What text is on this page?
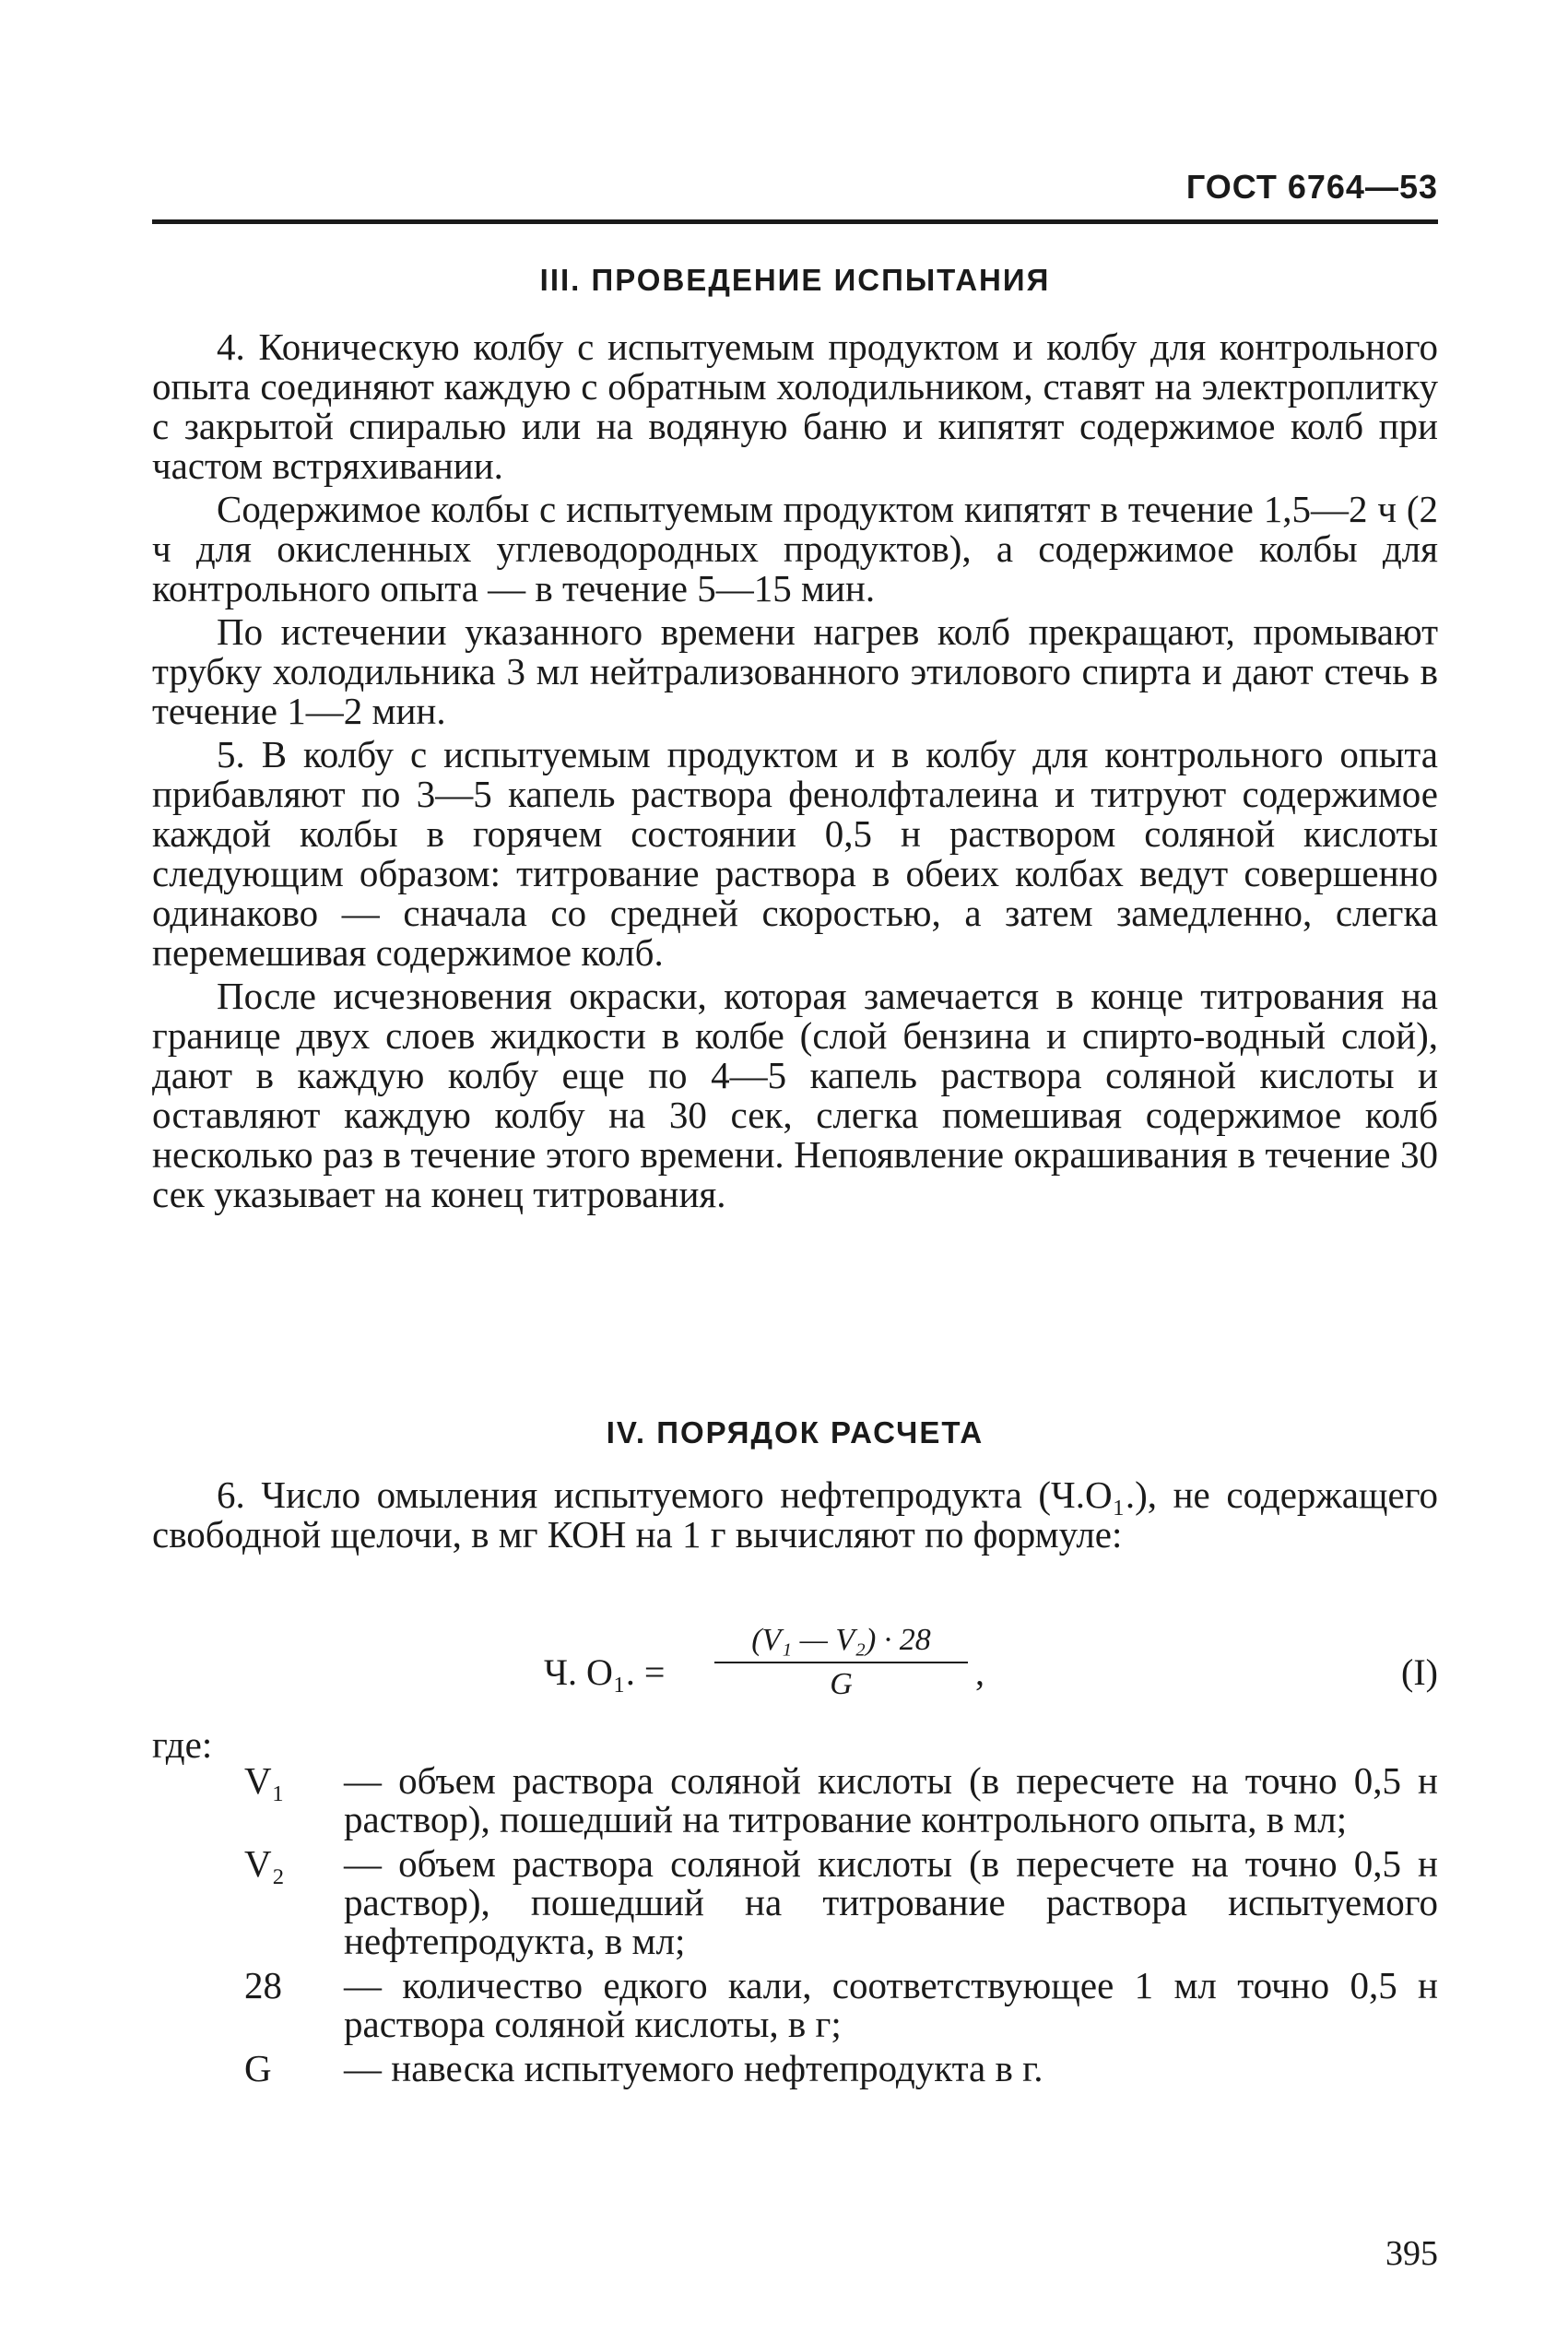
ГОСТ 6764—53
III. ПРОВЕДЕНИЕ ИСПЫТАНИЯ

4. Коническую колбу с испытуемым продуктом и колбу для контрольного опыта соединяют каждую с обратным холодильником, ставят на электроплитку с закрытой спиралью или на водяную баню и кипятят содержимое колб при частом встряхивании.

Содержимое колбы с испытуемым продуктом кипятят в течение 1,5—2 ч (2 ч для окисленных углеводородных продуктов), а содержимое колбы для контрольного опыта — в течение 5—15 мин.

По истечении указанного времени нагрев колб прекращают, промывают трубку холодильника 3 мл нейтрализованного этилового спирта и дают стечь в течение 1—2 мин.

5. В колбу с испытуемым продуктом и в колбу для контрольного опыта прибавляют по 3—5 капель раствора фенолфталеина и титруют содержимое каждой колбы в горячем состоянии 0,5 н раствором соляной кислоты следующим образом: титрование раствора в обеих колбах ведут совершенно одинаково — сначала со средней скоростью, а затем замедленно, слегка перемешивая содержимое колб.

После исчезновения окраски, которая замечается в конце титрования на границе двух слоев жидкости в колбе (слой бензина и спирто-водный слой), дают в каждую колбу еще по 4—5 капель раствора соляной кислоты и оставляют каждую колбу на 30 сек, слегка помешивая содержимое колб несколько раз в течение этого времени. Непоявление окрашивания в течение 30 сек указывает на конец титрования.

IV. ПОРЯДОК РАСЧЕТА

6. Число омыления испытуемого нефтепродукта (Ч.О₁.), не содержащего свободной щелочи, в мг КОН на 1 г вычисляют по формуле:

Ч. О₁. =
(V₁ — V₂) · 28
G	,	(I)
где:
V₁	— объем раствора соляной кислоты (в пересчете на точно 0,5 н раствор), пошедший на титрование контрольного опыта, в мл;
V₂	— объем раствора соляной кислоты (в пересчете на точно 0,5 н раствор), пошедший на титрование раствора испытуемого нефтепродукта, в мл;
28	— количество едкого кали, соответствующее 1 мл точно 0,5 н раствора соляной кислоты, в г;
G	— навеска испытуемого нефтепродукта в г.
395
